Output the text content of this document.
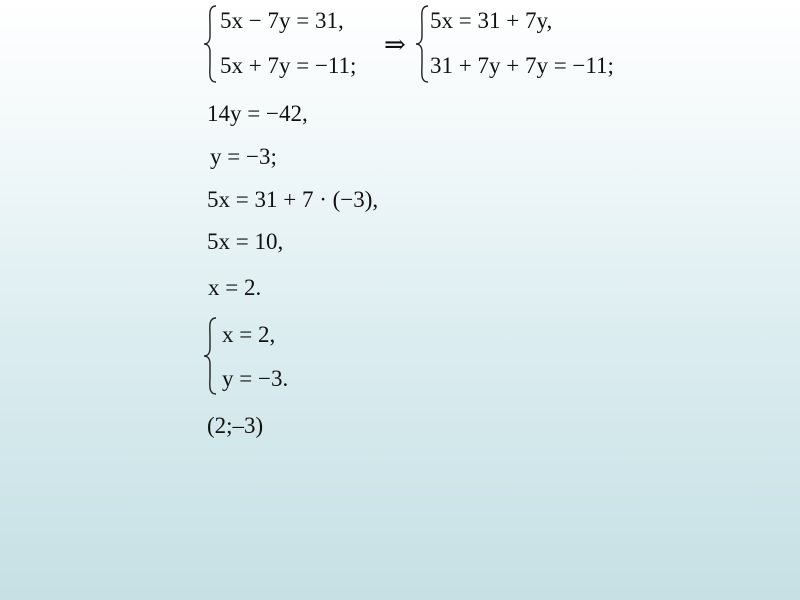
5x − 7y = 31,
5x + 7y = −11;
⇒
5x = 31 + 7y,
31 + 7y + 7y = −11;
14y = −42,
y = −3;
5x = 31 + 7 · (−3),
5x = 10,
x = 2.
x = 2,
y = −3.
(2;–3)
